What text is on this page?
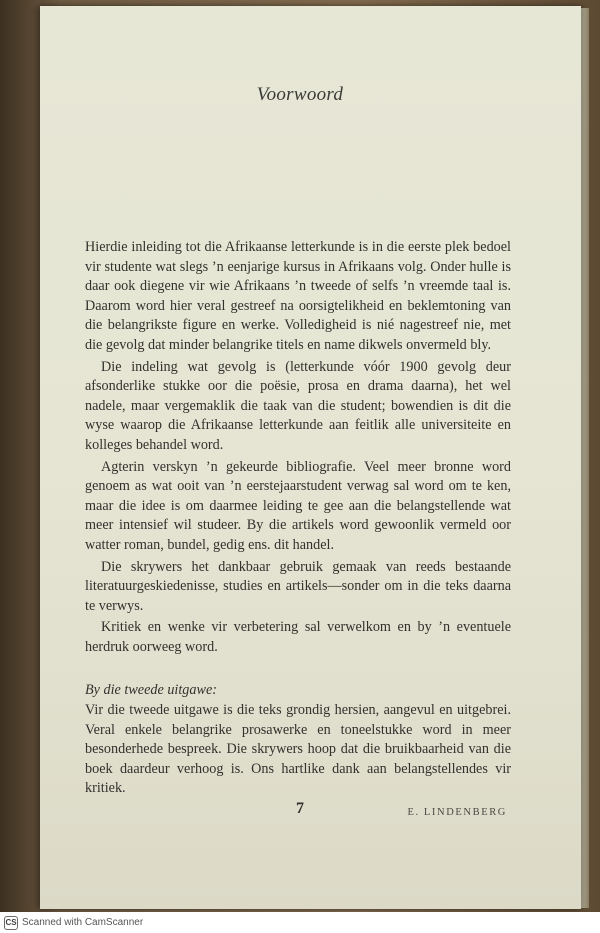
Voorwoord

Hierdie inleiding tot die Afrikaanse letterkunde is in die eerste plek bedoel vir studente wat slegs ’n eenjarige kursus in Afrikaans volg. Onder hulle is daar ook diegene vir wie Afrikaans ’n tweede of selfs ’n vreemde taal is. Daarom word hier veral gestreef na oorsigtelikheid en beklemtoning van die belangrikste figure en werke. Volledigheid is nié nagestreef nie, met die gevolg dat minder belangrike titels en name dikwels onvermeld bly.

Die indeling wat gevolg is (letterkunde vóór 1900 gevolg deur afsonderlike stukke oor die poësie, prosa en drama daarna), het wel nadele, maar vergemaklik die taak van die student; bowendien is dit die wyse waarop die Afrikaanse letterkunde aan feitlik alle universiteite en kolleges behandel word.

Agterin verskyn ’n gekeurde bibliografie. Veel meer bronne word genoem as wat ooit van ’n eerstejaarstudent verwag sal word om te ken, maar die idee is om daarmee leiding te gee aan die belangstellende wat meer intensief wil studeer. By die artikels word gewoonlik vermeld oor watter roman, bundel, gedig ens. dit handel.

Die skrywers het dankbaar gebruik gemaak van reeds bestaande literatuurgeskiedenisse, studies en artikels—sonder om in die teks daarna te verwys.

Kritiek en wenke vir verbetering sal verwelkom en by ’n eventuele herdruk oorweeg word.

By die tweede uitgawe:

Vir die tweede uitgawe is die teks grondig hersien, aangevul en uitgebrei. Veral enkele belangrike prosawerke en toneelstukke word in meer besonderhede bespreek. Die skrywers hoop dat die bruikbaarheid van die boek daardeur verhoog is. Ons hartlike dank aan belangstellendes vir kritiek.

E. LINDENBERG
7
CS Scanned with CamScanner
